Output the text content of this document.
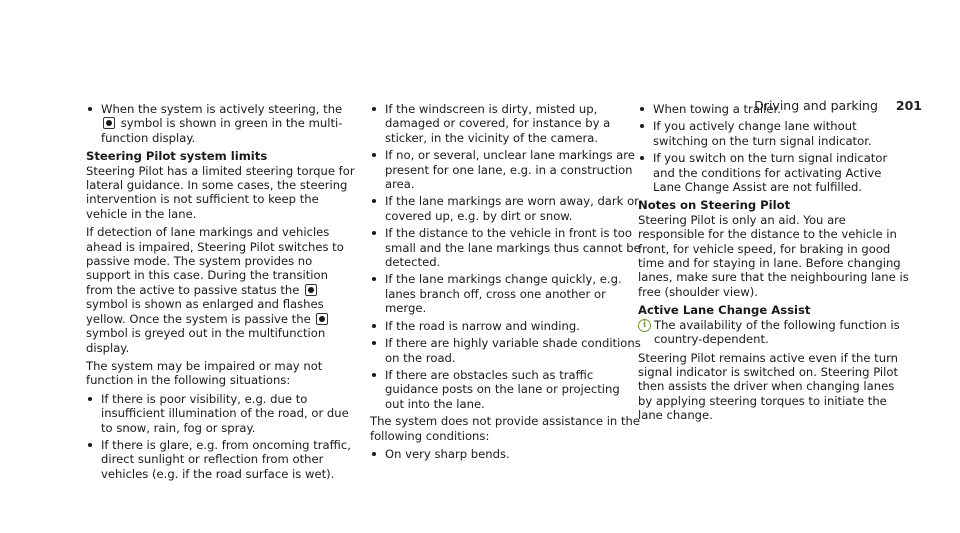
Driving and parking 201
When the system is actively steering, the  symbol is shown in green in the multi-function display.
Steering Pilot system limits

Steering Pilot has a limited steering torque for lateral guidance. In some cases, the steering intervention is not sufficient to keep the vehicle in the lane.

If detection of lane markings and vehicles ahead is impaired, Steering Pilot switches to passive mode. The system provides no support in this case. During the transition from the active to passive status the  symbol is shown as enlarged and flashes yellow. Once the system is passive the  symbol is greyed out in the multifunction display.

The system may be impaired or may not function in the following situations:

If there is poor visibility, e.g. due to insufficient illumination of the road, or due to snow, rain, fog or spray.
If there is glare, e.g. from oncoming traffic, direct sunlight or reflection from other vehicles (e.g. if the road surface is wet).
If the windscreen is dirty, misted up, damaged or covered, for instance by a sticker, in the vicinity of the camera.
If no, or several, unclear lane markings are present for one lane, e.g. in a construction area.
If the lane markings are worn away, dark or covered up, e.g. by dirt or snow.
If the distance to the vehicle in front is too small and the lane markings thus cannot be detected.
If the lane markings change quickly, e.g. lanes branch off, cross one another or merge.
If the road is narrow and winding.
If there are highly variable shade conditions on the road.
If there are obstacles such as traffic guidance posts on the lane or projecting out into the lane.

The system does not provide assistance in the following conditions:

On very sharp bends.
When towing a trailer.
If you actively change lane without switching on the turn signal indicator.
If you switch on the turn signal indicator and the conditions for activating Active Lane Change Assist are not fulfilled.
Notes on Steering Pilot

Steering Pilot is only an aid. You are responsible for the distance to the vehicle in front, for vehicle speed, for braking in good time and for staying in lane. Before changing lanes, make sure that the neighbouring lane is free (shoulder view).

Active Lane Change Assist

i The availability of the following function is country-dependent.

Steering Pilot remains active even if the turn signal indicator is switched on. Steering Pilot then assists the driver when changing lanes by applying steering torques to initiate the lane change.
